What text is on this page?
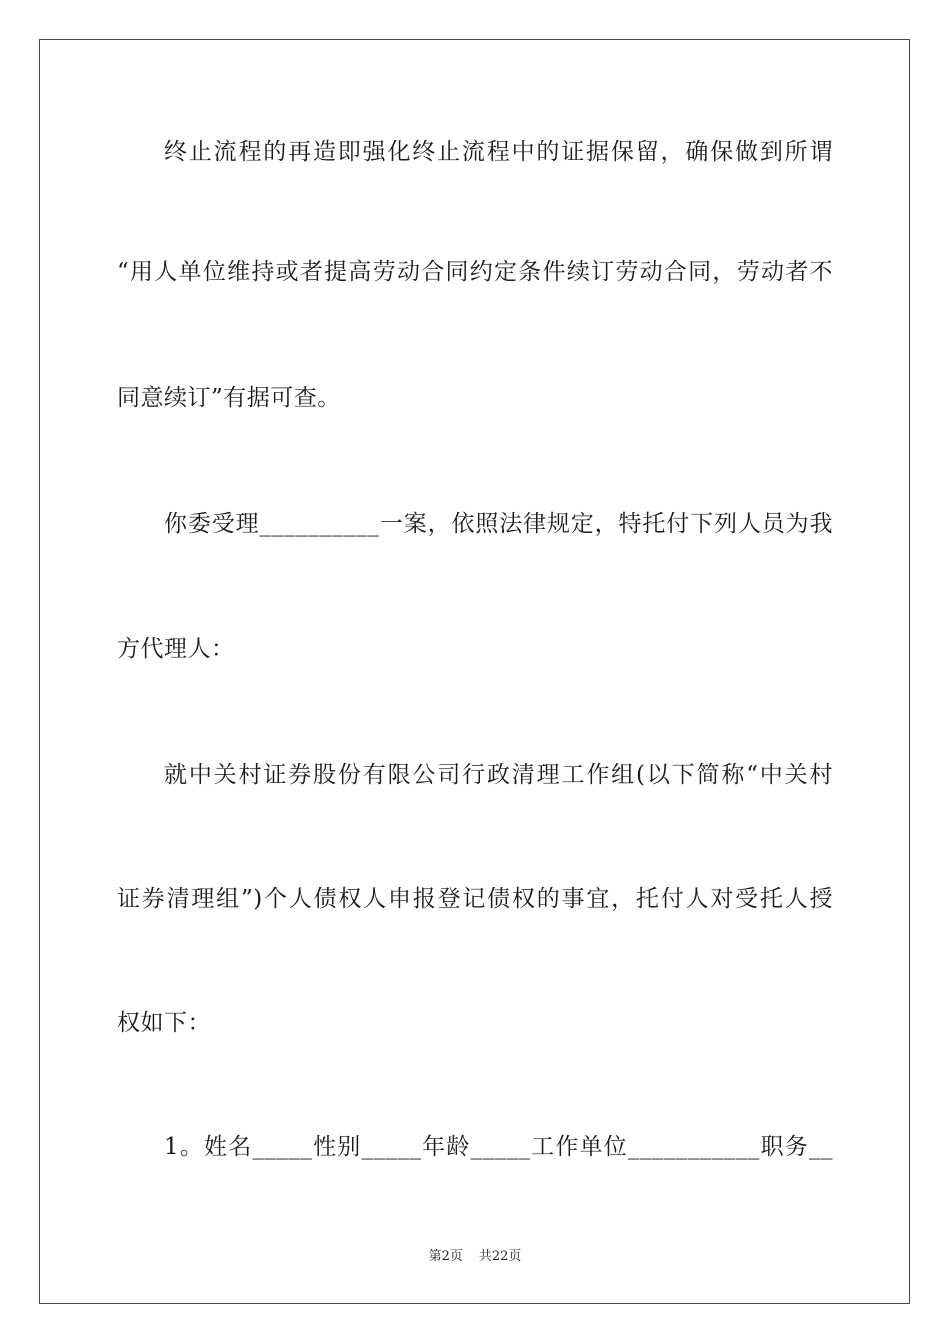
终止流程的再造即强化终止流程中的证据保留，确保做到所谓
“用人单位维持或者提高劳动合同约定条件续订劳动合同，劳动者不
同意续订”有据可查。
你委受理__________一案，依照法律规定，特托付下列人员为我
方代理人：
就中关村证券股份有限公司行政清理工作组(以下简称“中关村
证券清理组”)个人债权人申报登记债权的事宜，托付人对受托人授
权如下：
1。姓名_____性别_____年龄_____工作单位___________职务__
第2页 共22页
